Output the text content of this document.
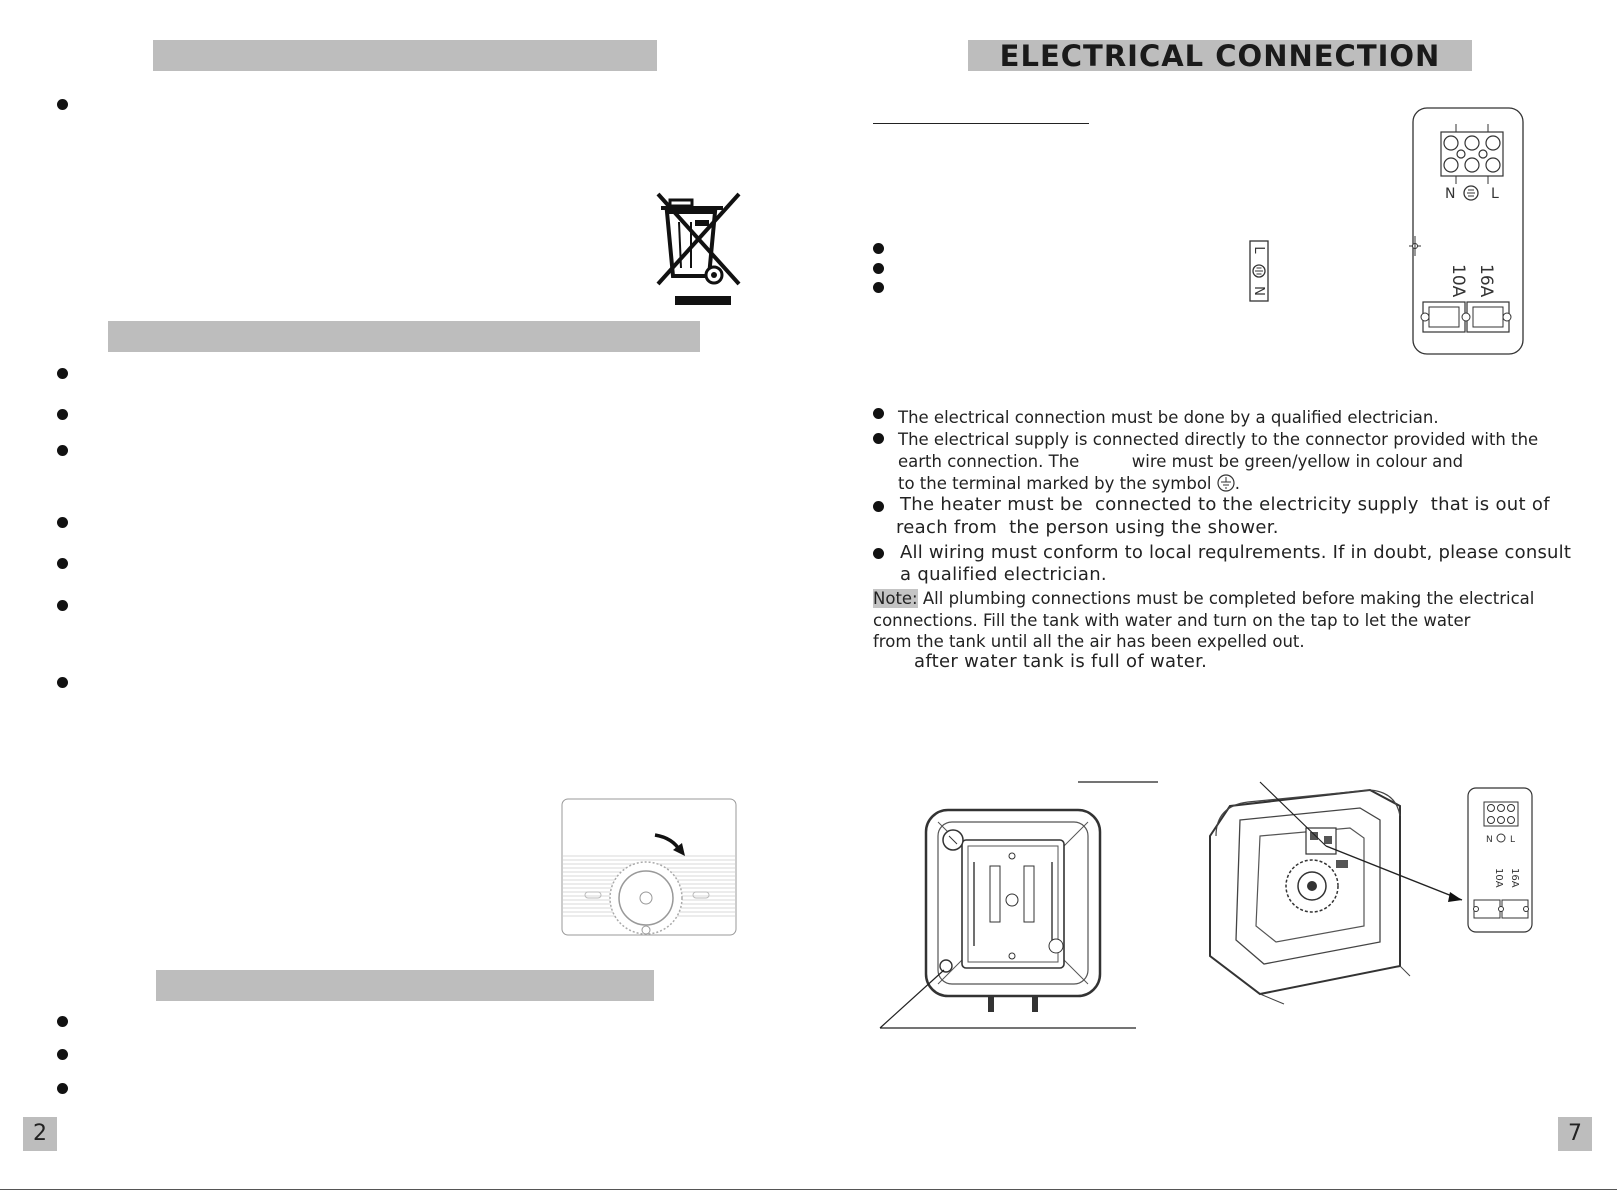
2
ELECTRICAL CONNECTION
L
N
N	L
16A
10A
The electrical connection must be done by a qualified electrician.
The electrical supply is connected directly to the connector provided with the
earth connection. The          wire must be green/yellow in colour and
to the terminal marked by the symbol .
The heater must be  connected to the electricity supply  that is out of
reach from  the person using the shower.
All wiring must conform to local requlrements. If in doubt, please consult
a qualified electrician.
Note: All plumbing connections must be completed before making the electrical
connections. Fill the tank with water and turn on the tap to let the water
from the tank until all the air has been expelled out.
after water tank is full of water.
N L
16A
10A
7
